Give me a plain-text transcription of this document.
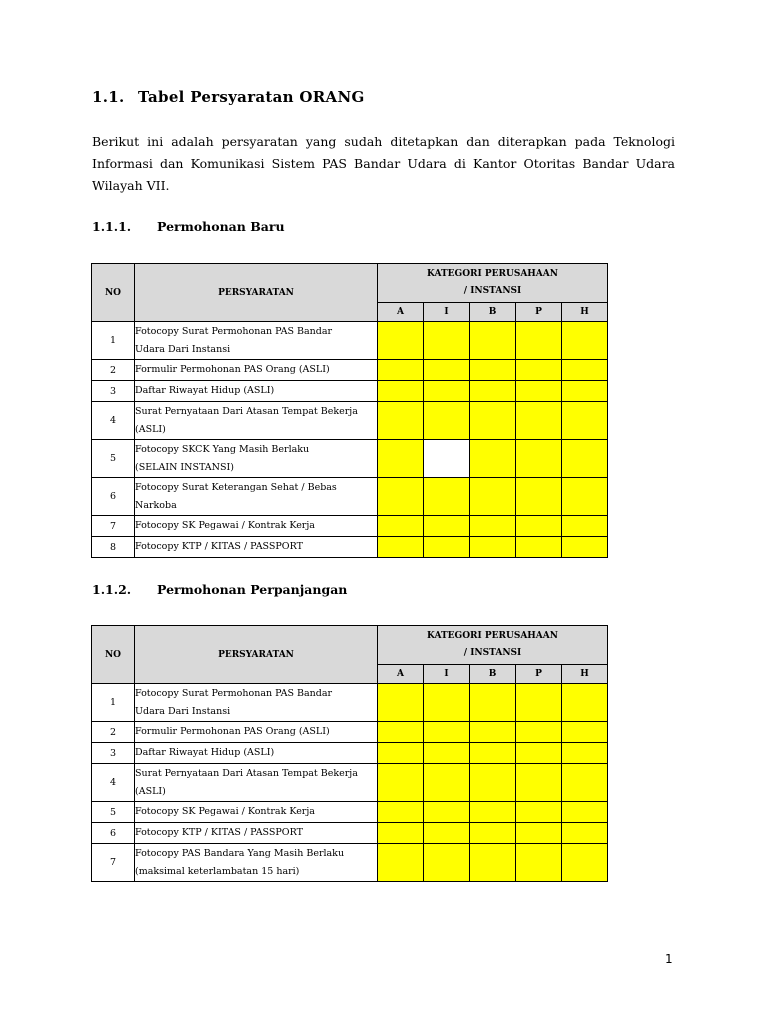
1.1. Tabel Persyaratan ORANG

Berikut ini adalah persyaratan yang sudah ditetapkan dan diterapkan pada Teknologi Informasi dan Komunikasi Sistem PAS Bandar Udara di Kantor Otoritas Bandar Udara Wilayah VII.

1.1.1. Permohonan Baru
NO	PERSYARATAN	KATEGORI PERUSAHAAN
/ INSTANSI				
		A	I	B	P	H
1	Fotocopy Surat Permohonan PAS Bandar
Udara Dari Instansi					
2	Formulir Permohonan PAS Orang (ASLI)					
3	Daftar Riwayat Hidup (ASLI)					
4	Surat Pernyataan Dari Atasan Tempat Bekerja
(ASLI)					
5	Fotocopy SKCK Yang Masih Berlaku
(SELAIN INSTANSI)					
6	Fotocopy Surat Keterangan Sehat / Bebas
Narkoba					
7	Fotocopy SK Pegawai / Kontrak Kerja					
8	Fotocopy KTP / KITAS / PASSPORT					
1.1.2. Permohonan Perpanjangan
NO	PERSYARATAN	KATEGORI PERUSAHAAN
/ INSTANSI				
		A	I	B	P	H
1	Fotocopy Surat Permohonan PAS Bandar
Udara Dari Instansi					
2	Formulir Permohonan PAS Orang (ASLI)					
3	Daftar Riwayat Hidup (ASLI)					
4	Surat Pernyataan Dari Atasan Tempat Bekerja
(ASLI)					
5	Fotocopy SK Pegawai / Kontrak Kerja					
6	Fotocopy KTP / KITAS / PASSPORT					
7	Fotocopy PAS Bandara Yang Masih Berlaku
(maksimal keterlambatan 15 hari)					
1
